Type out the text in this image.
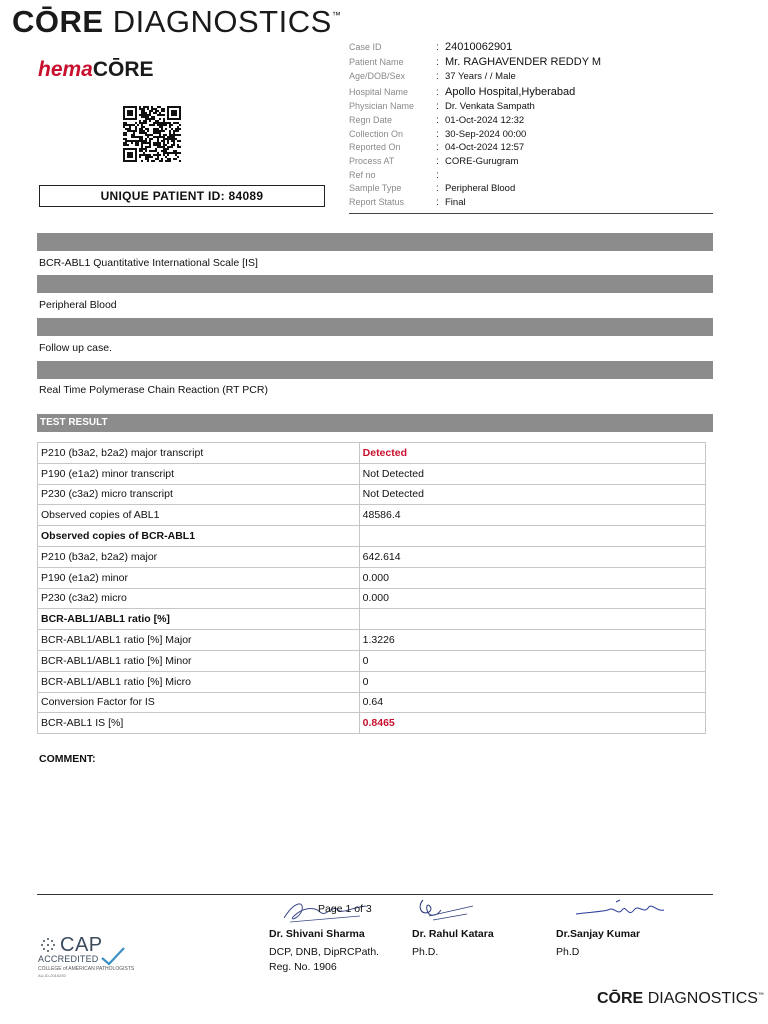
CŌRE DIAGNOSTICS™
hemaCŌRE
UNIQUE PATIENT ID: 84089
Case ID	: 24010062901
Patient Name	: Mr. RAGHAVENDER REDDY M
Age/DOB/Sex	: 37 Years / / Male
Hospital Name	: Apollo Hospital,Hyberabad
Physician Name	: Dr. Venkata Sampath
Regn Date	: 01-Oct-2024 12:32
Collection On	: 30-Sep-2024 00:00
Reported On	: 04-Oct-2024 12:57
Process AT	: CORE-Gurugram
Ref no	:
Sample Type	: Peripheral Blood
Report Status	: Final
BCR-ABL1 Quantitative International Scale [IS]
Peripheral Blood
Follow up case.
Real Time Polymerase Chain Reaction (RT PCR)
TEST RESULT
P210 (b3a2, b2a2) major transcript	Detected
P190 (e1a2) minor transcript	Not Detected
P230 (c3a2) micro transcript	Not Detected
Observed copies of ABL1	48586.4
Observed copies of BCR-ABL1	
P210 (b3a2, b2a2) major	642.614
P190 (e1a2) minor	0.000
P230 (c3a2) micro	0.000
BCR-ABL1/ABL1 ratio [%]	
BCR-ABL1/ABL1 ratio [%] Major	1.3226
BCR-ABL1/ABL1 ratio [%] Minor	0
BCR-ABL1/ABL1 ratio [%] Micro	0
Conversion Factor for IS	0.64
BCR-ABL1 IS [%]	0.8465
COMMENT:
Page 1 of 3
Dr. Shivani Sharma
DCP, DNB, DipRCPath.
Reg. No. 1906
Dr. Rahul Katara
Ph.D.
Dr.Sanjay Kumar
Ph.D
CAP
ACCREDITED
COLLEGE of AMERICAN PATHOLOGISTS
AU-ID-2016250
CŌRE DIAGNOSTICS™
